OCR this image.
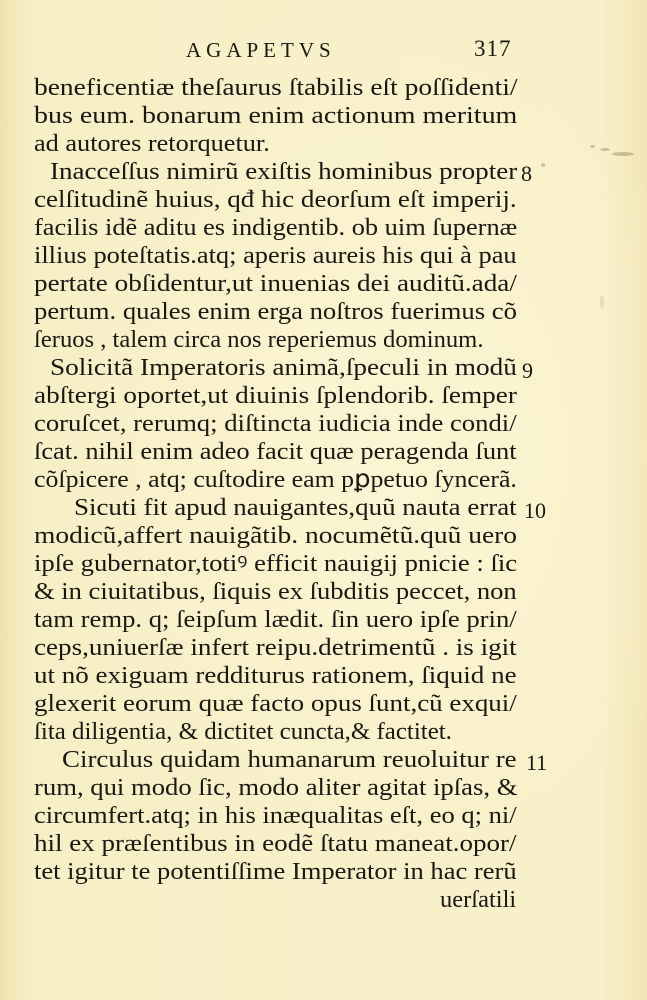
AGAPETVS	317
beneficentiæ theſaurus ſtabilis eſt poſſidenti/
bus eum. bonarum enim actionum meritum
ad autores retorquetur.
Inacceſſus nimirũ exiſtis hominibus propter
celſitudinẽ huius, qđ hic deorſum eſt imperij.
facilis idẽ aditu es indigentib. ob uim ſupernæ
illius poteſtatis.atq; aperis aureis his qui à pau
pertate obſidentur,ut inuenias dei auditũ.ada/
pertum. quales enim erga noſtros fuerimus cõ
ſeruos , talem circa nos reperiemus dominum.
Solicitã Imperatoris animã,ſpeculi in modũ
abſtergi oportet,ut diuinis ſplendorib. ſemper
coruſcet, rerumq; diſtincta iudicia inde condi/
ſcat. nihil enim adeo facit quæ peragenda ſunt
cõſpicere , atq; cuſtodire eam pꝑpetuo ſyncerã.
Sicuti fit apud nauigantes,quũ nauta errat
modicũ,affert nauigãtib. nocumẽtũ.quũ uero
ipſe gubernator,totiꝰ efficit nauigij pnicie : ſic
& in ciuitatibus, ſiquis ex ſubditis peccet, non
tam remp. q; ſeipſum lædit. ſin uero ipſe prin/
ceps,uniuerſæ infert reipu.detrimentũ . is igit
ut nõ exiguam redditurus rationem, ſiquid ne
glexerit eorum quæ facto opus ſunt,cũ exqui/
ſita diligentia, & dictitet cuncta,& factitet.
Circulus quidam humanarum reuoluitur re
rum, qui modo ſic, modo aliter agitat ipſas, &
circumfert.atq; in his inæqualitas eſt, eo q; ni/
hil ex præſentibus in eodẽ ſtatu maneat.opor/
tet igitur te potentiſſime Imperator in hac rerũ
uerſatili
8
9
10
11
